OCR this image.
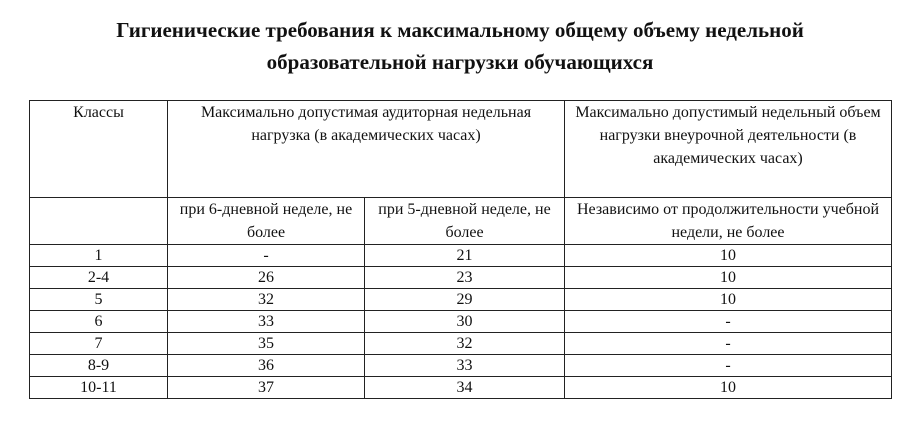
Гигиенические требования к максимальному общему объему недельной
образовательной нагрузки обучающихся
Классы	Максимально допустимая аудиторная недельная нагрузка (в академических часах)		Максимально допустимый недельный объем нагрузки внеурочной деятельности (в академических часах)
	при 6-дневной неделе, не более	при 5-дневной неделе, не более	Независимо от продолжительности учебной недели, не более
1	-	21	10
2-4	26	23	10
5	32	29	10
6	33	30	-
7	35	32	-
8-9	36	33	-
10-11	37	34	10
